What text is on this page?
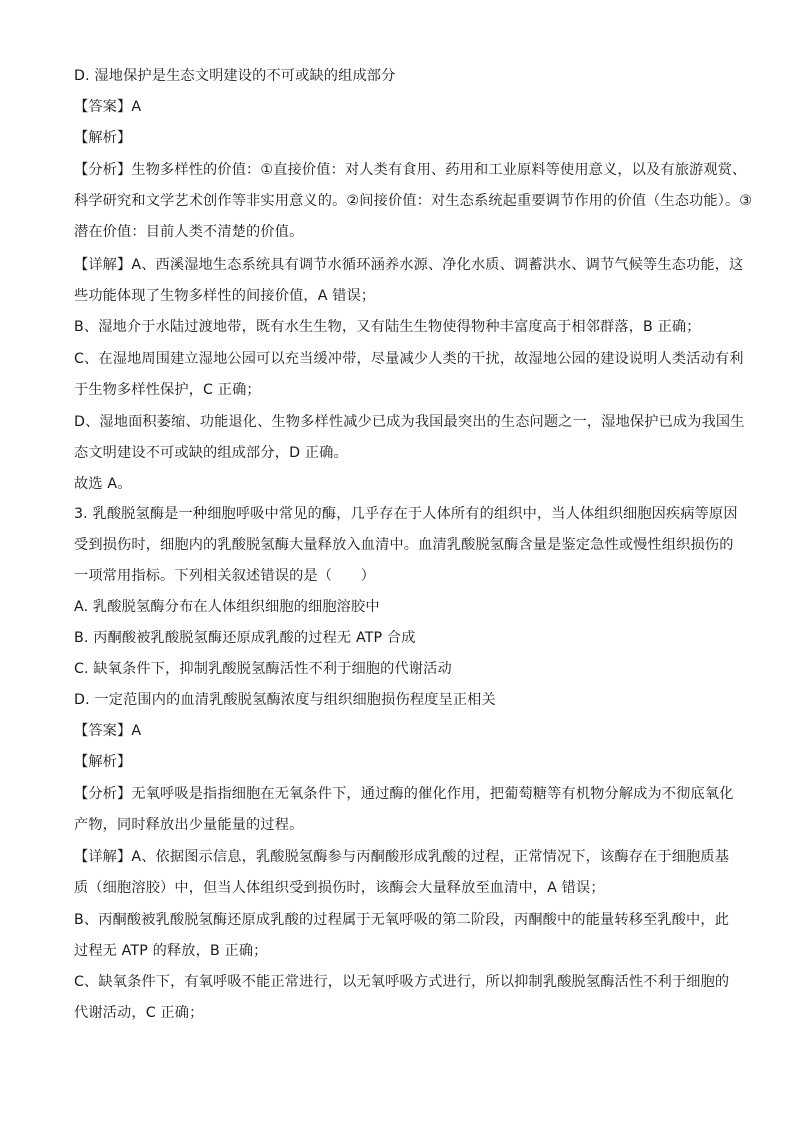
D. 湿地保护是生态文明建设的不可或缺的组成部分
【答案】A
【解析】
【分析】生物多样性的价值：①直接价值：对人类有食用、药用和工业原料等使用意义，以及有旅游观赏、
科学研究和文学艺术创作等非实用意义的。②间接价值：对生态系统起重要调节作用的价值（生态功能）。③
潜在价值：目前人类不清楚的价值。
【详解】A、西溪湿地生态系统具有调节水循环涵养水源、净化水质、调蓄洪水、调节气候等生态功能，这
些功能体现了生物多样性的间接价值，A 错误；
B、湿地介于水陆过渡地带，既有水生生物，又有陆生生物使得物种丰富度高于相邻群落，B 正确；
C、在湿地周围建立湿地公园可以充当缓冲带，尽量减少人类的干扰，故湿地公园的建设说明人类活动有利
于生物多样性保护，C 正确；
D、湿地面积萎缩、功能退化、生物多样性减少已成为我国最突出的生态问题之一，湿地保护已成为我国生
态文明建设不可或缺的组成部分，D 正确。
故选 A。
3. 乳酸脱氢酶是一种细胞呼吸中常见的酶，几乎存在于人体所有的组织中，当人体组织细胞因疾病等原因
受到损伤时，细胞内的乳酸脱氢酶大量释放入血清中。血清乳酸脱氢酶含量是鉴定急性或慢性组织损伤的
一项常用指标。下列相关叙述错误的是（　　）
A. 乳酸脱氢酶分布在人体组织细胞的细胞溶胶中
B. 丙酮酸被乳酸脱氢酶还原成乳酸的过程无 ATP 合成
C. 缺氧条件下，抑制乳酸脱氢酶活性不利于细胞的代谢活动
D. 一定范围内的血清乳酸脱氢酶浓度与组织细胞损伤程度呈正相关
【答案】A
【解析】
【分析】无氧呼吸是指指细胞在无氧条件下，通过酶的催化作用，把葡萄糖等有机物分解成为不彻底氧化
产物，同时释放出少量能量的过程。
【详解】A、依据图示信息，乳酸脱氢酶参与丙酮酸形成乳酸的过程，正常情况下，该酶存在于细胞质基
质（细胞溶胶）中，但当人体组织受到损伤时，该酶会大量释放至血清中，A 错误；
B、丙酮酸被乳酸脱氢酶还原成乳酸的过程属于无氧呼吸的第二阶段，丙酮酸中的能量转移至乳酸中，此
过程无 ATP 的释放，B 正确；
C、缺氧条件下，有氧呼吸不能正常进行，以无氧呼吸方式进行，所以抑制乳酸脱氢酶活性不利于细胞的
代谢活动，C 正确；
